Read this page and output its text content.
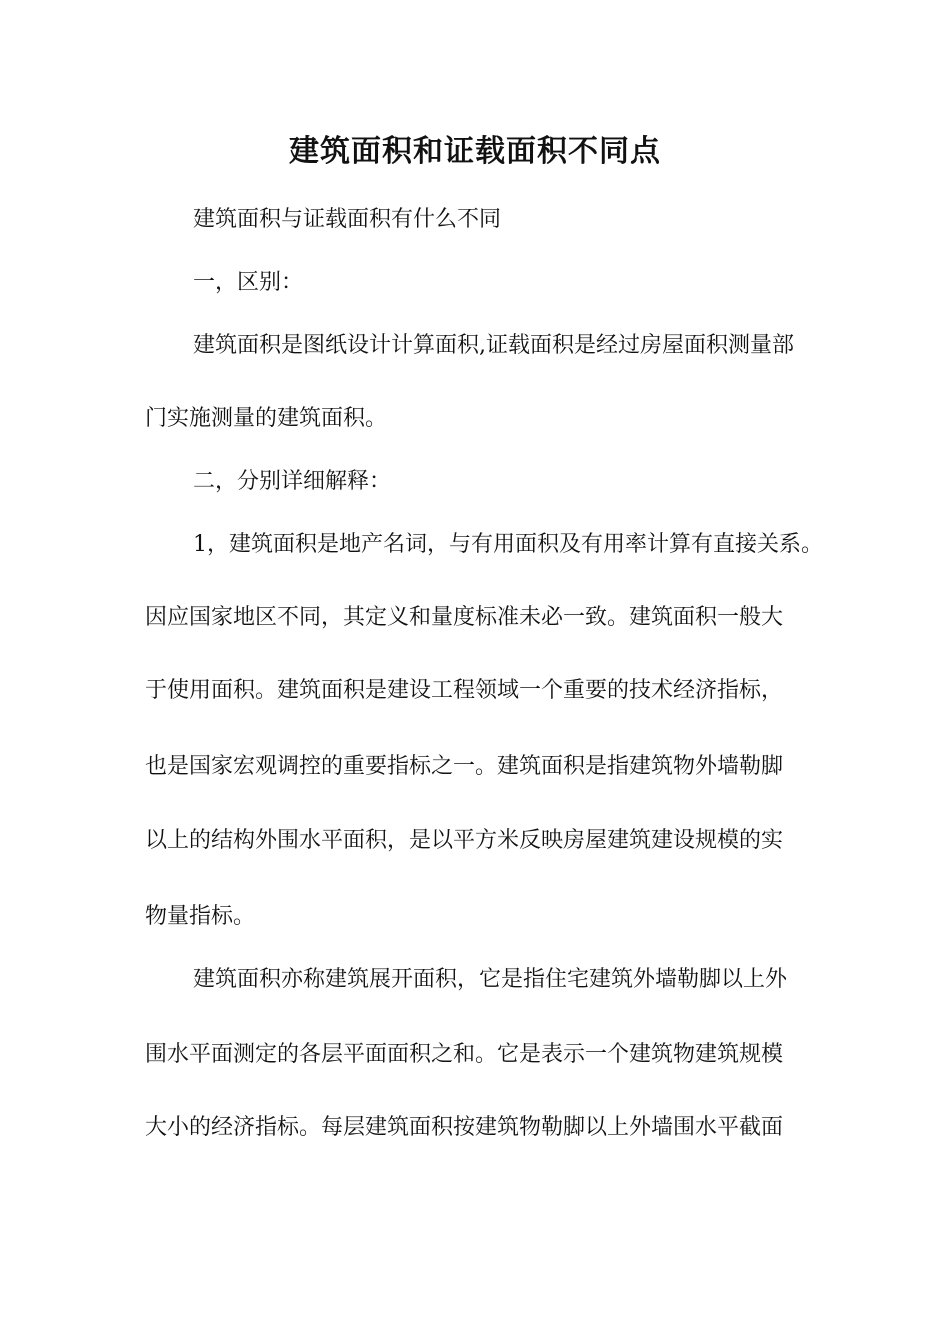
建筑面积和证载面积不同点
建筑面积与证载面积有什么不同
一，区别：
建筑面积是图纸设计计算面积,证载面积是经过房屋面积测量部
门实施测量的建筑面积。
二，分别详细解释：
1，建筑面积是地产名词，与有用面积及有用率计算有直接关系。
因应国家地区不同，其定义和量度标准未必一致。建筑面积一般大
于使用面积。建筑面积是建设工程领域一个重要的技术经济指标，
也是国家宏观调控的重要指标之一。建筑面积是指建筑物外墙勒脚
以上的结构外围水平面积，是以平方米反映房屋建筑建设规模的实
物量指标。
建筑面积亦称建筑展开面积，它是指住宅建筑外墙勒脚以上外
围水平面测定的各层平面面积之和。它是表示一个建筑物建筑规模
大小的经济指标。每层建筑面积按建筑物勒脚以上外墙围水平截面
